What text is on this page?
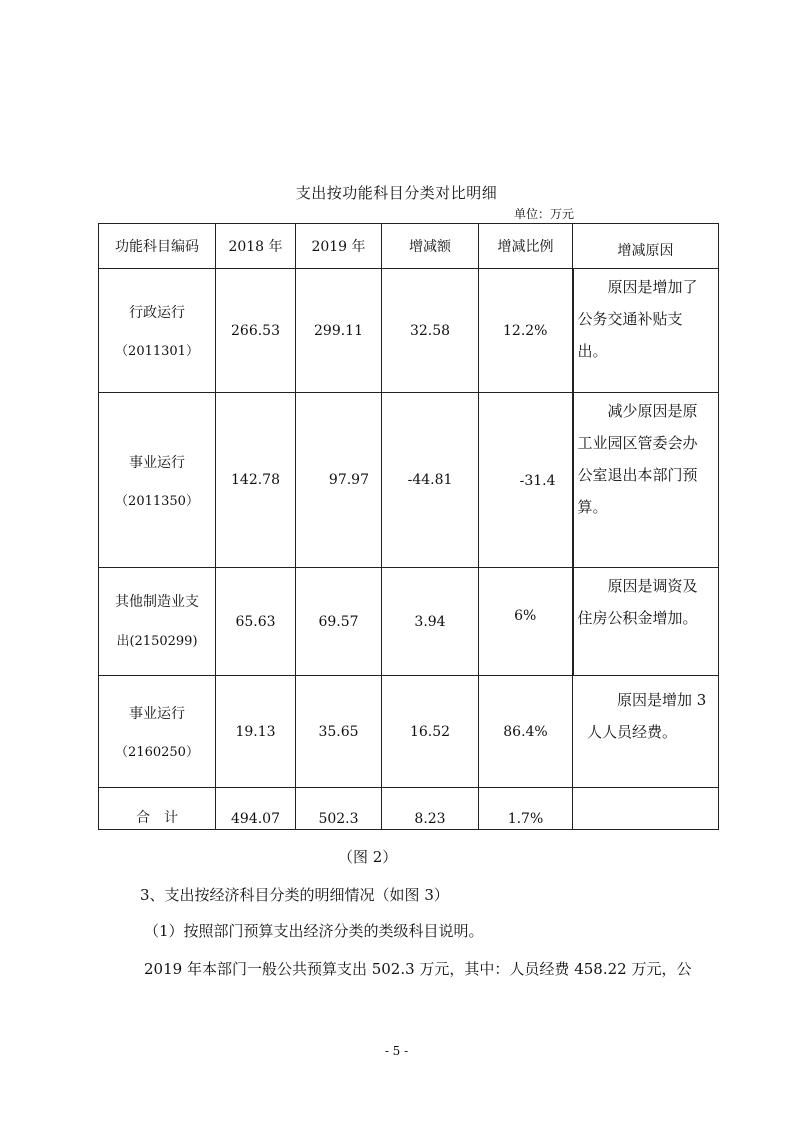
支出按功能科目分类对比明细
单位：万元
功能科目编码	2018 年	2019 年	增减额	增减比例	增减原因
行政运行
（2011301）	266.53	299.11	32.58	12.2%	原因是增加了公务交通补贴支出。

事业运行
（2011350）	142.78	97.97	-44.81	-31.4	减少原因是原工业园区管委会办公室退出本部门预算。

其他制造业支
出(2150299)	65.63	69.57	3.94	6%	原因是调资及住房公积金增加。

事业运行
（2160250）	19.13	35.65	16.52	86.4%	原因是增加 3 人人员经费。

合　计	494.07	502.3	8.23	1.7%	
（图 2）
3、支出按经济科目分类的明细情况（如图 3）
（1）按照部门预算支出经济分类的类级科目说明。
2019 年本部门一般公共预算支出 502.3 万元，其中：人员经费 458.22 万元，公
- 5 -
